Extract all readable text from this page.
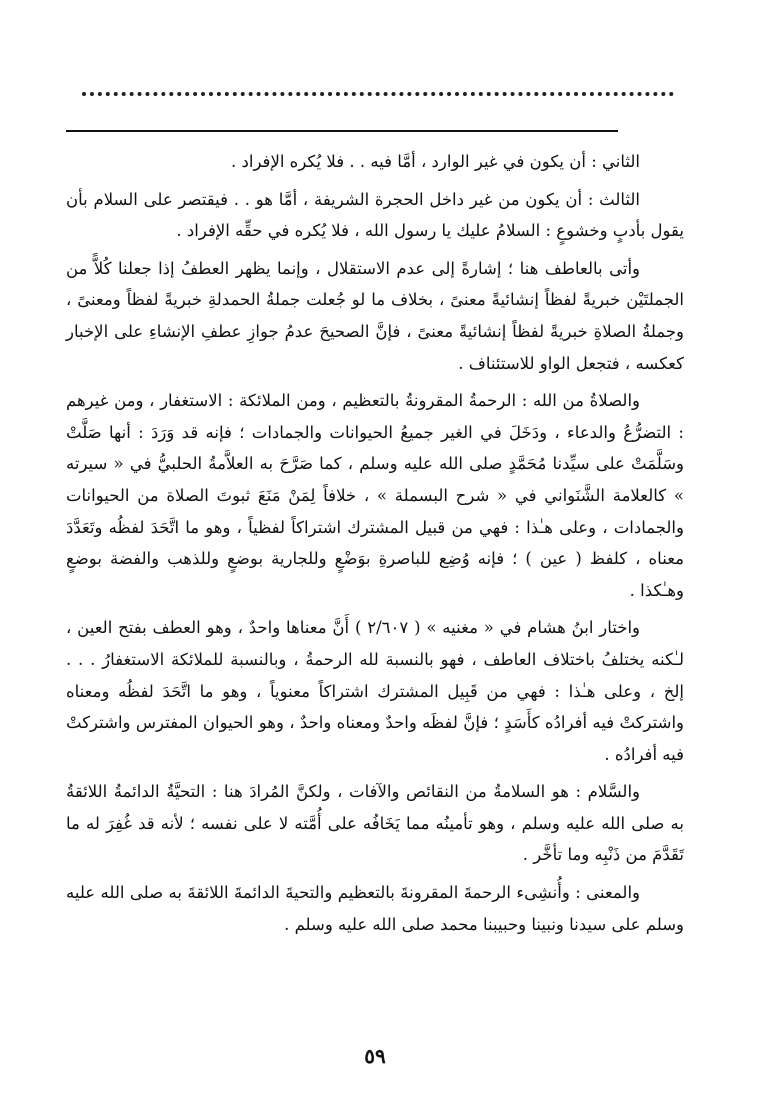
الثاني : أن يكون في غير الوارد ، أمَّا فيه . . فلا يُكره الإفراد .

الثالث : أن يكون من غير داخل الحجرة الشريفة ، أمَّا هو . . فيقتصر على السلام بأن يقول بأدبٍ وخشوعٍ : السلامُ عليك يا رسول الله ، فلا يُكره في حقِّه الإفراد .

وأتى بالعاطف هنا ؛ إشارةً إلى عدم الاستقلال ، وإنما يظهر العطفُ إذا جعلنا كُلاًّ من الجملتَيْن خبريةً لفظاً إنشائيةً معنىً ، بخلاف ما لو جُعلت جملةُ الحمدلةِ خبريةً لفظاً ومعنىً ، وجملةُ الصلاةِ خبريةً لفظاً إنشائيةً معنىً ، فإنَّ الصحيحَ عدمُ جوازِ عطفِ الإنشاءِ على الإخبار كعكسه ، فتجعل الواو للاستئناف .

والصلاةُ من الله : الرحمةُ المقرونةُ بالتعظيم ، ومن الملائكة : الاستغفار ، ومن غيرهم : التضرُّعُ والدعاء ، ودَخَلَ في الغير جميعُ الحيوانات والجمادات ؛ فإنه قد وَرَدَ : أنها صَلَّتْ وسَلَّمَتْ على سيِّدنا مُحَمَّدٍ صلى الله عليه وسلم ، كما صَرَّحَ به العلاَّمةُ الحلبيُّ في « سيرته » كالعلامة الشَّنَواني في « شرح البسملة » ، خلافاً لِمَنْ مَنَعَ ثبوتَ الصلاة من الحيوانات والجمادات ، وعلى هـٰذا : فهي من قبيل المشترك اشتراكاً لفظياً ، وهو ما اتَّحَدَ لفظُه وتَعَدَّدَ معناه ، كلفظ ( عين ) ؛ فإنه وُضِع للباصرةِ بوَضْعٍ وللجارية بوضعٍ وللذهب والفضة بوضعٍ وهـٰكذا .

واختار ابنُ هشام في « مغنيه » ( ٢/٦٠٧ ) أَنَّ معناها واحدٌ ، وهو العطف بفتح العين ، لـٰكنه يختلفُ باختلاف العاطف ، فهو بالنسبة لله الرحمةُ ، وبالنسبة للملائكة الاستغفارُ . . . إلخ ، وعلى هـٰذا : فهي من قَبِيل المشترك اشتراكاً معنوياً ، وهو ما اتَّحَدَ لفظُه ومعناه واشتركتْ فيه أفرادُه كأَسَدٍ ؛ فإنَّ لفظَه واحدٌ ومعناه واحدٌ ، وهو الحيوان المفترس واشتركتْ فيه أفرادُه .

والسَّلام : هو السلامةُ من النقائص والآفات ، ولكنَّ المُرادَ هنا : التحيَّةُ الدائمةُ اللائقةُ به صلى الله عليه وسلم ، وهو تأمينُه مما يَخَافُه على أُمَّته لا على نفسه ؛ لأنه قد غُفِرَ له ما تَقَدَّمَ من ذَنْبِه وما تأخَّر .

والمعنى : وأُنشِىء الرحمةَ المقرونةَ بالتعظيم والتحيةَ الدائمةَ اللائقةَ به صلى الله عليه وسلم على سيدنا ونبينا وحبيبنا محمد صلى الله عليه وسلم .

٥٩
